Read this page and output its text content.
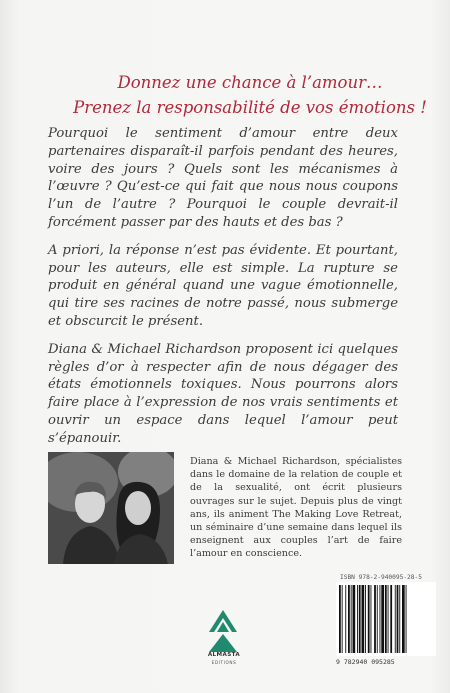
Donnez une chance à l’amour…
Prenez la responsabilité de vos émotions !

Pourquoi le sentiment d’amour entre deux partenaires disparaît-il parfois pendant des heures, voire des jours ? Quels sont les mécanismes à l’œuvre ? Qu’est-ce qui fait que nous nous coupons l’un de l’autre ? Pourquoi le couple devrait-il forcément passer par des hauts et des bas ?

A priori, la réponse n’est pas évidente. Et pourtant, pour les auteurs, elle est simple. La rupture se produit en général quand une vague émotionnelle, qui tire ses racines de notre passé, nous submerge et obscurcit le présent.

Diana & Michael Richardson proposent ici quelques règles d’or à respecter afin de nous dégager des états émotionnels toxiques. Nous pourrons alors faire place à l’expression de nos vrais sentiments et ouvrir un espace dans lequel l’amour peut s’épanouir.

Diana & Michael Richardson, spécialistes dans le domaine de la relation de couple et de la sexualité, ont écrit plusieurs ouvrages sur le sujet. Depuis plus de vingt ans, ils animent The Making Love Retreat, un séminaire d’une semaine dans lequel ils enseignent aux couples l’art de faire l’amour en conscience.
ALMASTA
EDITIONS
ISBN 978-2-940095-28-5
9 782940 095285
